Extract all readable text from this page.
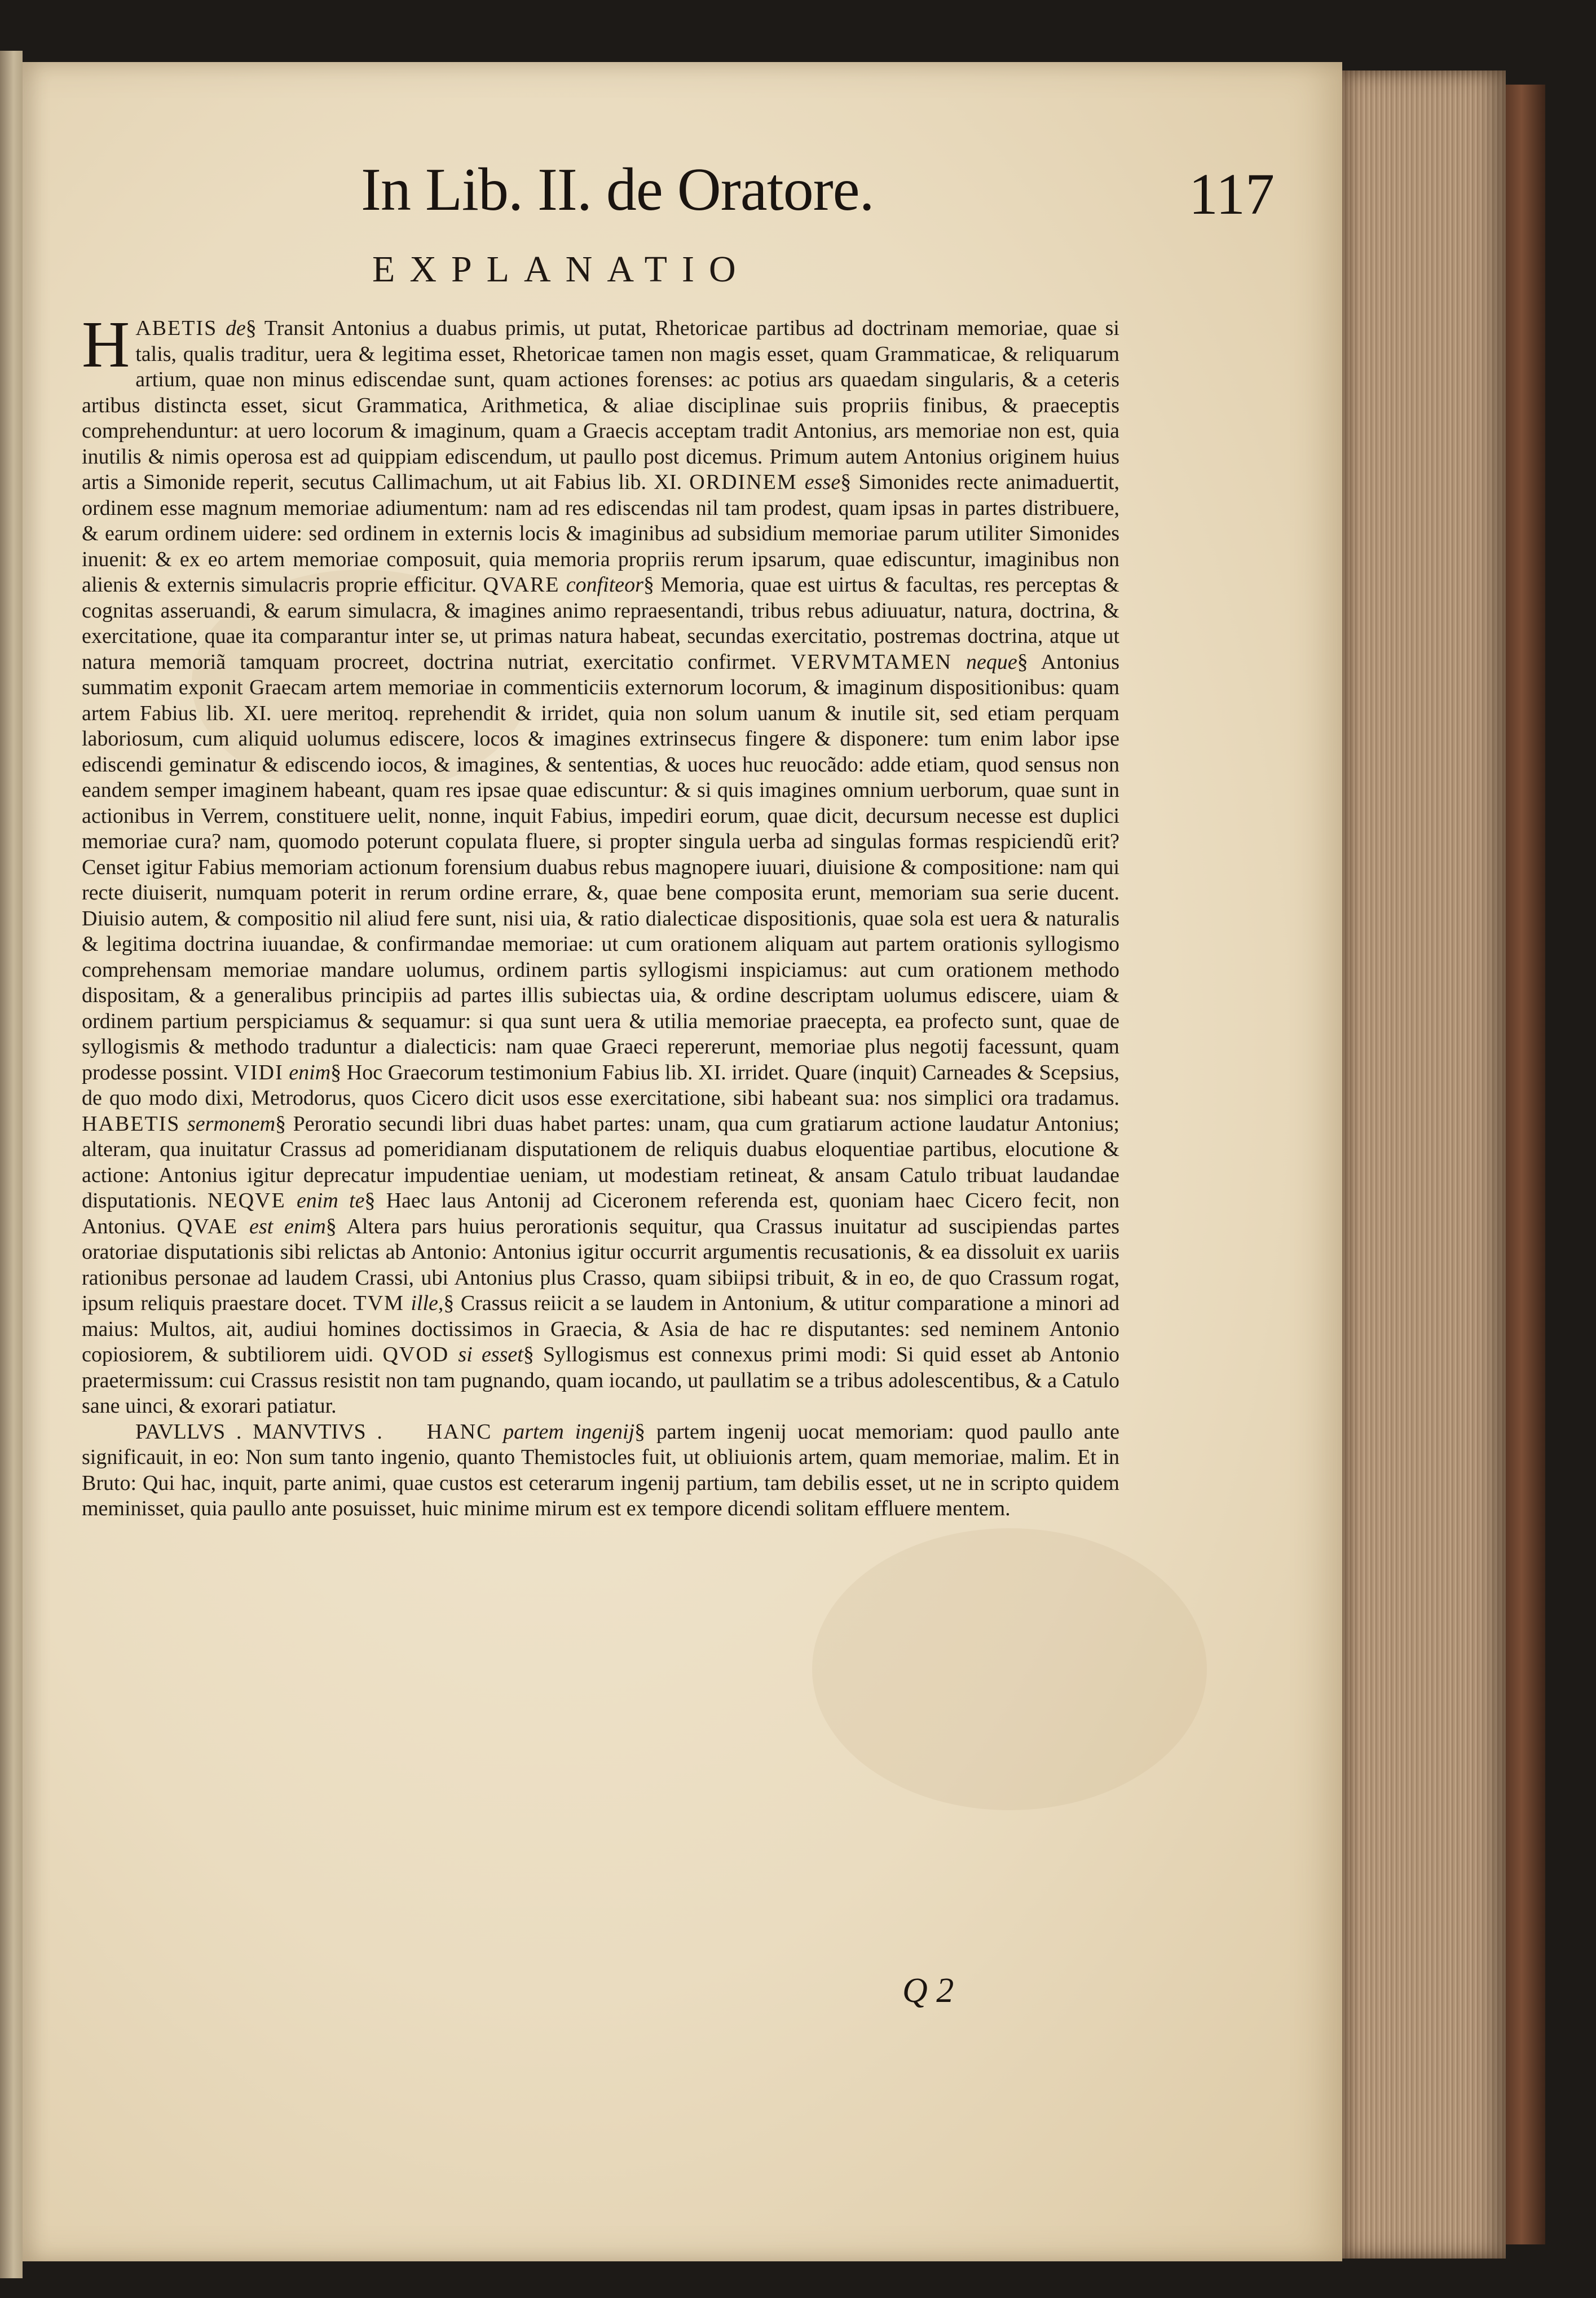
In Lib. II. de Oratore.	117
EXPLANATIO

H ABETIS de§ Transit Antonius a duabus primis, ut putat, Rhetoricae partibus ad doctrinam memoriae, quae si talis, qualis traditur, uera & legitima esset, Rhetoricae tamen non magis esset, quam Grammaticae, & reliquarum artium, quae non minus ediscendae sunt, quam actiones forenses: ac potius ars quaedam singularis, & a ceteris artibus distincta esset, sicut Grammatica, Arithmetica, & aliae disciplinae suis propriis finibus, & praeceptis comprehenduntur: at uero locorum & imaginum, quam a Graecis acceptam tradit Antonius, ars memoriae non est, quia inutilis & nimis operosa est ad quippiam ediscendum, ut paullo post dicemus. Primum autem Antonius originem huius artis a Simonide reperit, secutus Callimachum, ut ait Fabius lib. XI. ORDINEM esse§ Simonides recte animaduertit, ordinem esse magnum memoriae adiumentum: nam ad res ediscendas nil tam prodest, quam ipsas in partes distribuere, & earum ordinem uidere: sed ordinem in externis locis & imaginibus ad subsidium memoriae parum utiliter Simonides inuenit: & ex eo artem memoriae composuit, quia memoria propriis rerum ipsarum, quae ediscuntur, imaginibus non alienis & externis simulacris proprie efficitur. QVARE confiteor§ Memoria, quae est uirtus & facultas, res perceptas & cognitas asseruandi, & earum simulacra, & imagines animo repraesentandi, tribus rebus adiuuatur, natura, doctrina, & exercitatione, quae ita comparantur inter se, ut primas natura habeat, secundas exercitatio, postremas doctrina, atque ut natura memoriã tamquam procreet, doctrina nutriat, exercitatio confirmet. VERVMTAMEN neque§ Antonius summatim exponit Graecam artem memoriae in commenticiis externorum locorum, & imaginum dispositionibus: quam artem Fabius lib. XI. uere meritoq. reprehendit & irridet, quia non solum uanum & inutile sit, sed etiam perquam laboriosum, cum aliquid uolumus ediscere, locos & imagines extrinsecus fingere & disponere: tum enim labor ipse ediscendi geminatur & ediscendo iocos, & imagines, & sententias, & uoces huc reuocãdo: adde etiam, quod sensus non eandem semper imaginem habeant, quam res ipsae quae ediscuntur: & si quis imagines omnium uerborum, quae sunt in actionibus in Verrem, constituere uelit, nonne, inquit Fabius, impediri eorum, quae dicit, decursum necesse est duplici memoriae cura? nam, quomodo poterunt copulata fluere, si propter singula uerba ad singulas formas respiciendũ erit? Censet igitur Fabius memoriam actionum forensium duabus rebus magnopere iuuari, diuisione & compositione: nam qui recte diuiserit, numquam poterit in rerum ordine errare, &, quae bene composita erunt, memoriam sua serie ducent. Diuisio autem, & compositio nil aliud fere sunt, nisi uia, & ratio dialecticae dispositionis, quae sola est uera & naturalis & legitima doctrina iuuandae, & confirmandae memoriae: ut cum orationem aliquam aut partem orationis syllogismo comprehensam memoriae mandare uolumus, ordinem partis syllogismi inspiciamus: aut cum orationem methodo dispositam, & a generalibus principiis ad partes illis subiectas uia, & ordine descriptam uolumus ediscere, uiam & ordinem partium perspiciamus & sequamur: si qua sunt uera & utilia memoriae praecepta, ea profecto sunt, quae de syllogismis & methodo traduntur a dialecticis: nam quae Graeci repererunt, memoriae plus negotij facessunt, quam prodesse possint. VIDI enim§ Hoc Graecorum testimonium Fabius lib. XI. irridet. Quare (inquit) Carneades & Scepsius, de quo modo dixi, Metrodorus, quos Cicero dicit usos esse exercitatione, sibi habeant sua: nos simplici ora tradamus. HABETIS sermonem§ Peroratio secundi libri duas habet partes: unam, qua cum gratiarum actione laudatur Antonius; alteram, qua inuitatur Crassus ad pomeridianam disputationem de reliquis duabus eloquentiae partibus, elocutione & actione: Antonius igitur deprecatur impudentiae ueniam, ut modestiam retineat, & ansam Catulo tribuat laudandae disputationis. NEQVE enim te§ Haec laus Antonij ad Ciceronem referenda est, quoniam haec Cicero fecit, non Antonius. QVAE est enim§ Altera pars huius perorationis sequitur, qua Crassus inuitatur ad suscipiendas partes oratoriae disputationis sibi relictas ab Antonio: Antonius igitur occurrit argumentis recusationis, & ea dissoluit ex uariis rationibus personae ad laudem Crassi, ubi Antonius plus Crasso, quam sibiipsi tribuit, & in eo, de quo Crassum rogat, ipsum reliquis praestare docet. TVM ille,§ Crassus reiicit a se laudem in Antonium, & utitur comparatione a minori ad maius: Multos, ait, audiui homines doctissimos in Graecia, & Asia de hac re disputantes: sed neminem Antonio copiosiorem, & subtiliorem uidi. QVOD si esset§ Syllogismus est connexus primi modi: Si quid esset ab Antonio praetermissum: cui Crassus resistit non tam pugnando, quam iocando, ut paullatim se a tribus adolescentibus, & a Catulo sane uinci, & exorari patiatur.

PAVLLVS . MANVTIVS . HANC partem ingenij§ partem ingenij uocat memoriam: quod paullo ante significauit, in eo: Non sum tanto ingenio, quanto Themistocles fuit, ut obliuionis artem, quam memoriae, malim. Et in Bruto: Qui hac, inquit, parte animi, quae custos est ceterarum ingenij partium, tam debilis esset, ut ne in scripto quidem meminisset, quia paullo ante posuisset, huic minime mirum est ex tempore dicendi solitam effluere mentem.

Q 2
